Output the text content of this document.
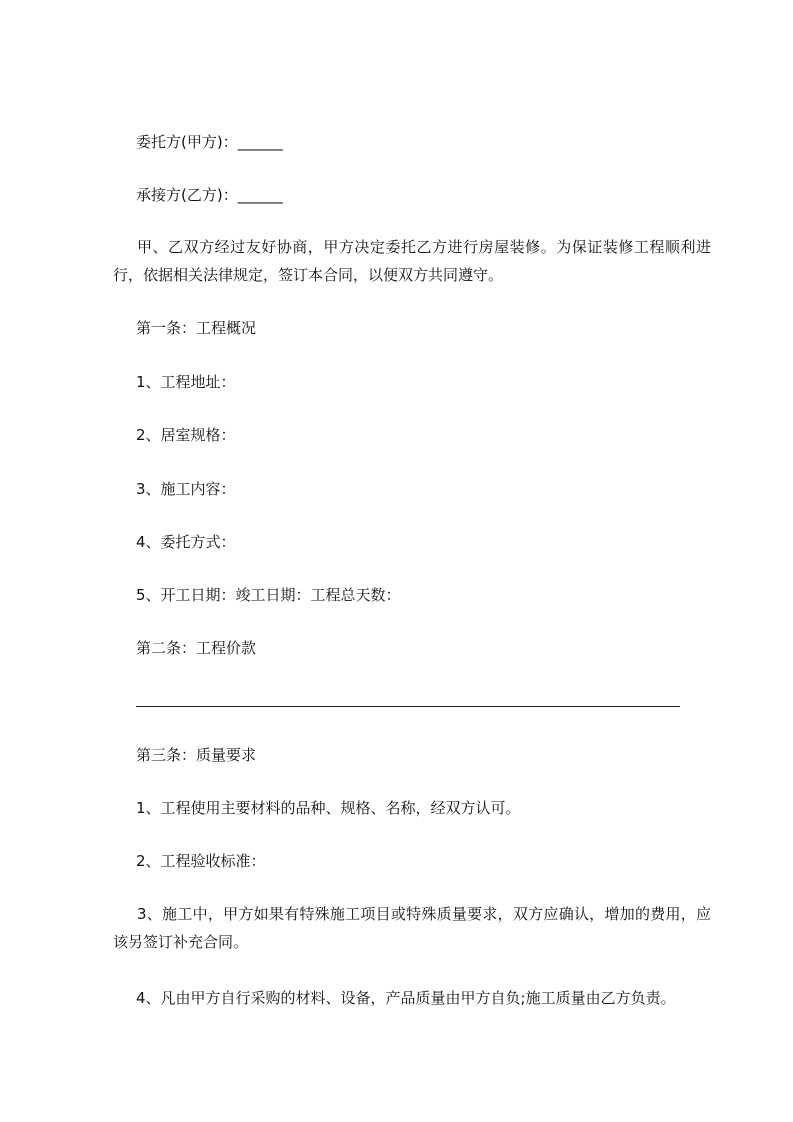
委托方(甲方)：______
承接方(乙方)：______
甲、乙双方经过友好协商，甲方决定委托乙方进行房屋装修。为保证装修工程顺利进行，依据相关法律规定，签订本合同，以便双方共同遵守。
第一条：工程概况
1、工程地址：
2、居室规格：
3、施工内容：
4、委托方式：
5、开工日期：竣工日期：工程总天数：
第二条：工程价款
第三条：质量要求
1、工程使用主要材料的品种、规格、名称，经双方认可。
2、工程验收标准：
3、施工中，甲方如果有特殊施工项目或特殊质量要求，双方应确认，增加的费用，应该另签订补充合同。
4、凡由甲方自行采购的材料、设备，产品质量由甲方自负;施工质量由乙方负责。
